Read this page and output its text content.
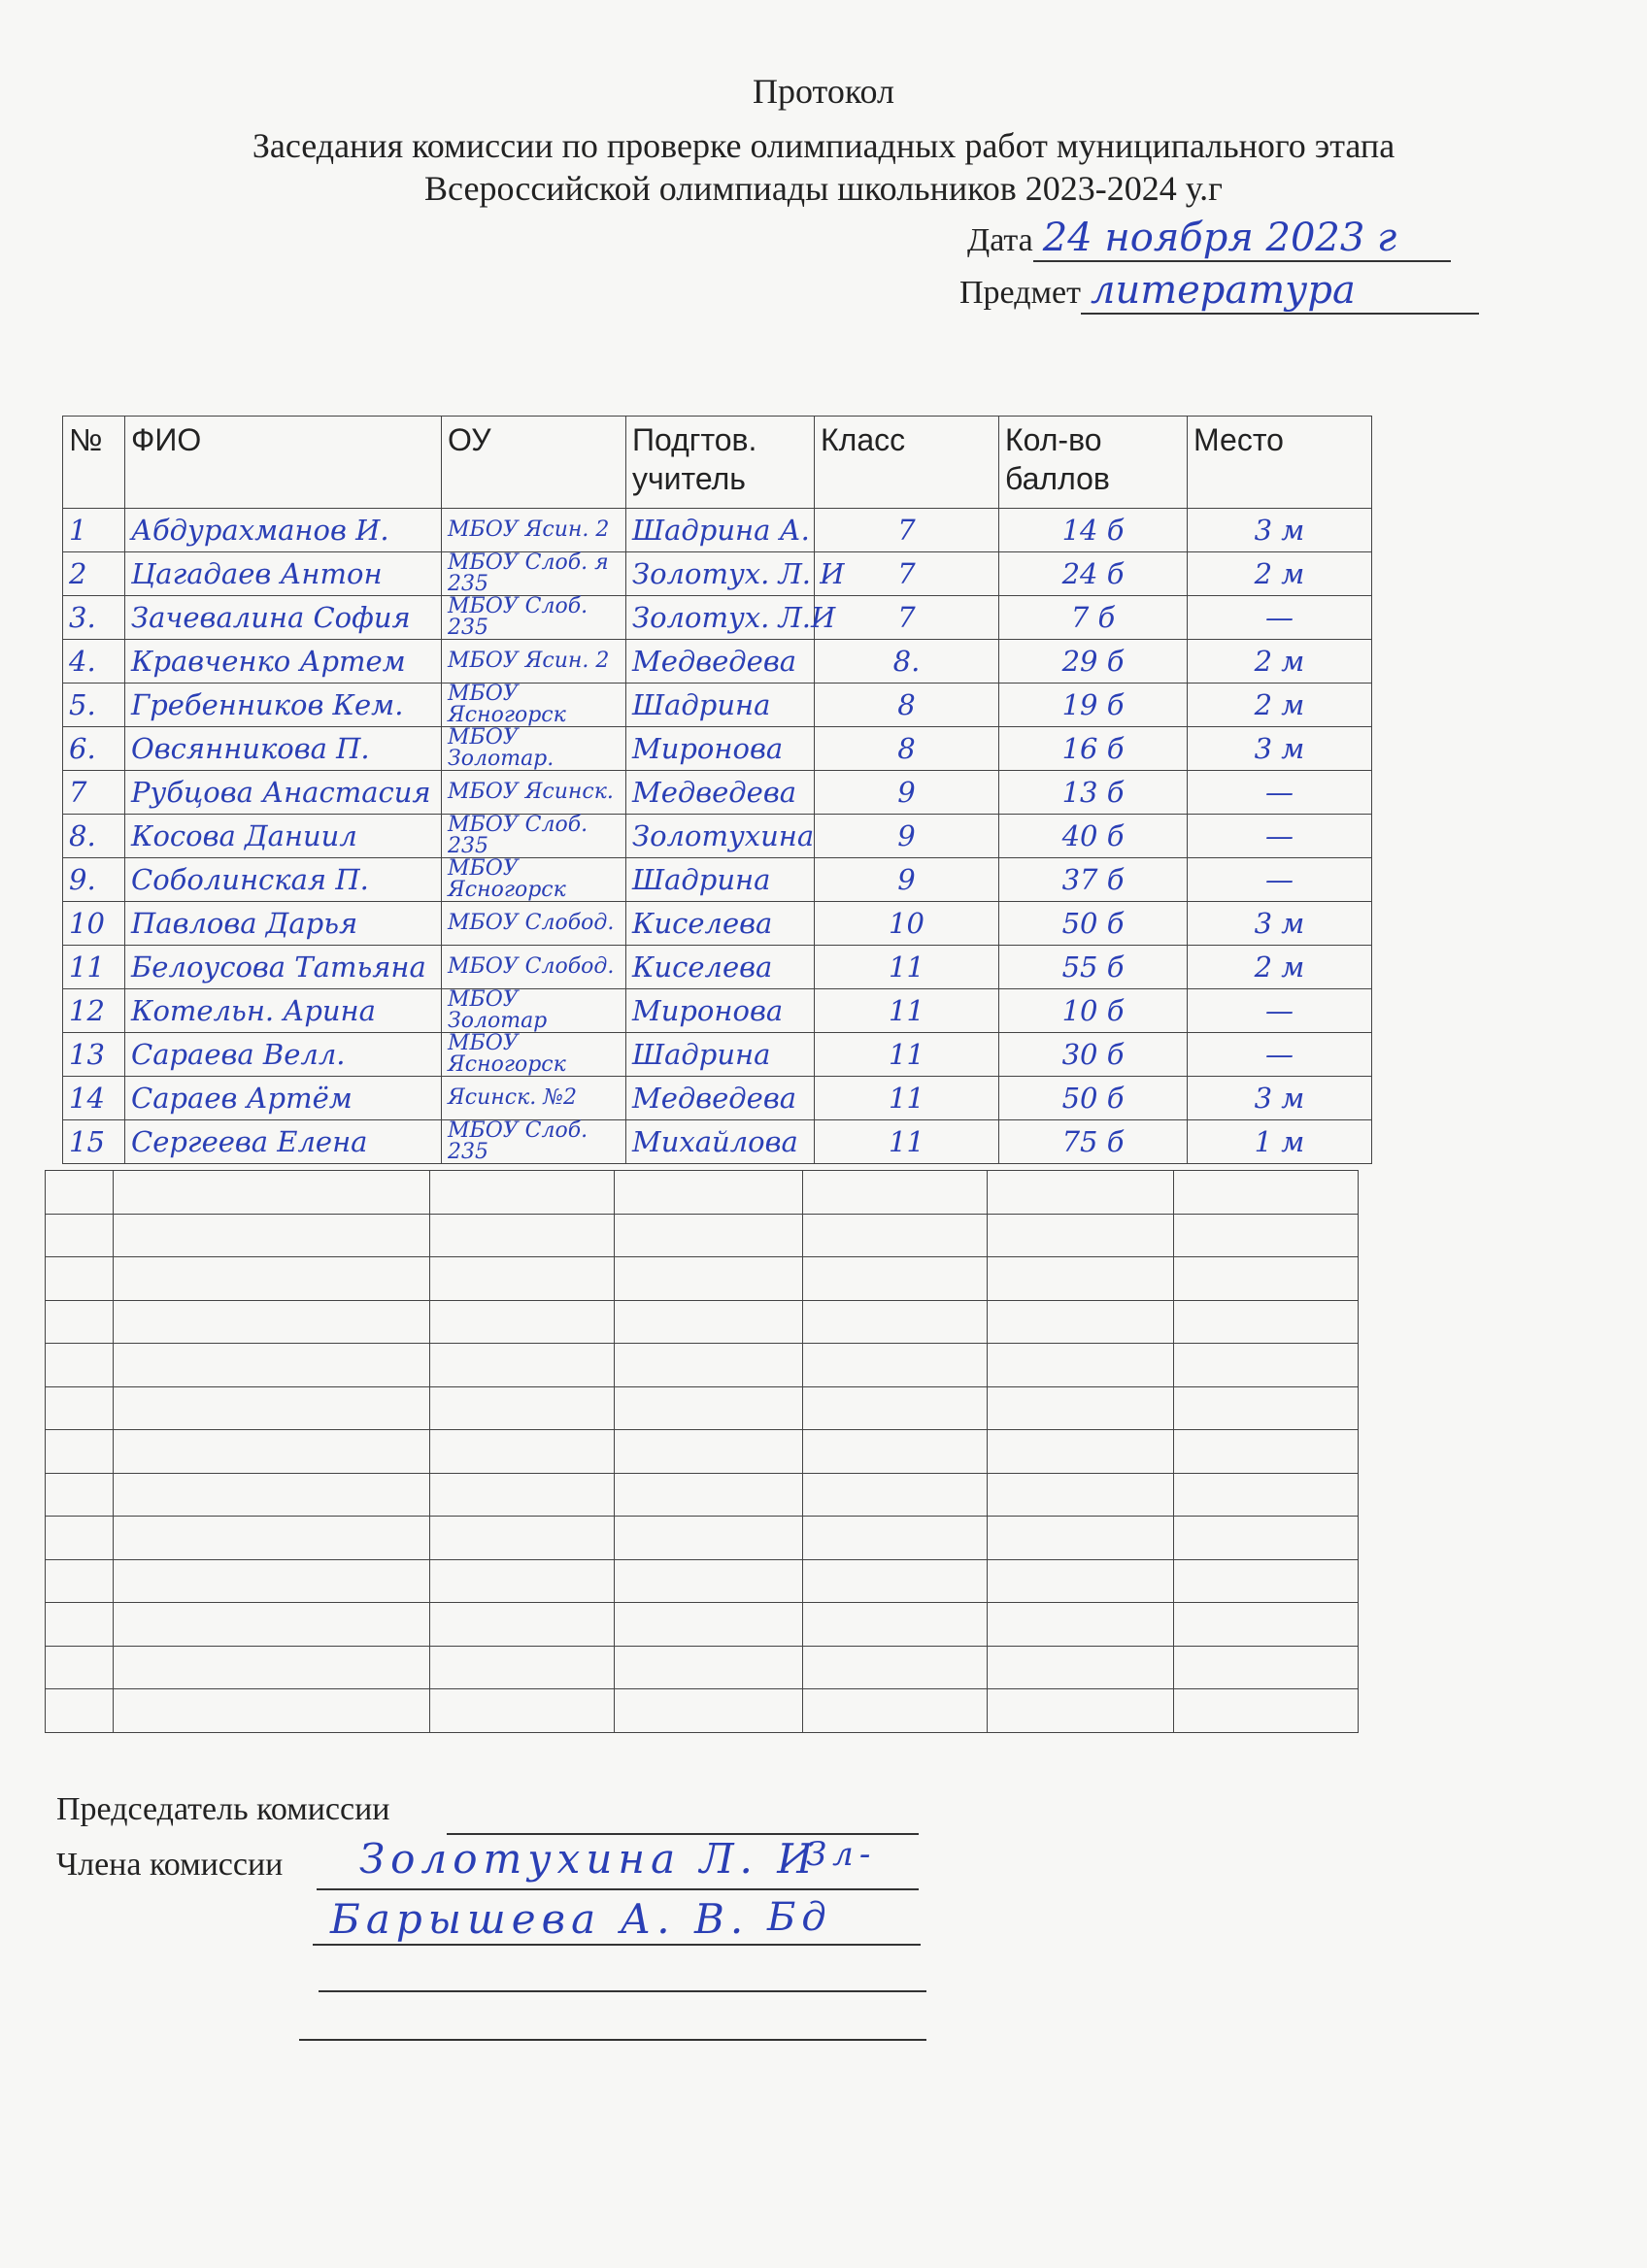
Протокол
Заседания комиссии по проверке олимпиадных работ муниципального этапа
Всероссийской олимпиады школьников 2023-2024 у.г
Дата 24 ноября 2023 г
Предмет литература
№	ФИО	ОУ	Подгтов. учитель	Класс	Кол-во баллов	Место
1	Абдурахманов И.	МБОУ Ясин. 2	Шадрина А.	7	14 б	3 м
2	Цагадаев Антон	МБОУ Слоб. я 235	Золотух. Л. И	7	24 б	2 м
3.	Зачевалина София	МБОУ Слоб. 235	Золотух. Л.И	7	7 б	—
4.	Кравченко Артем	МБОУ Ясин. 2	Медведева	8.	29 б	2 м
5.	Гребенников Кем.	МБОУ Ясногорск	Шадрина	8	19 б	2 м
6.	Овсянникова П.	МБОУ Золотар.	Миронова	8	16 б	3 м
7	Рубцова Анастасия	МБОУ Ясинск.	Медведева	9	13 б	—
8.	Косова Даниил	МБОУ Слоб. 235	Золотухина	9	40 б	—
9.	Соболинская П.	МБОУ Ясногорск	Шадрина	9	37 б	—
10	Павлова Дарья	МБОУ Слобод.	Киселева	10	50 б	3 м
11	Белоусова Татьяна	МБОУ Слобод.	Киселева	11	55 б	2 м
12	Котельн. Арина	МБОУ Золотар	Миронова	11	10 б	—
13	Сараева Велл.	МБОУ Ясногорск	Шадрина	11	30 б	—
14	Сараев Артём	Ясинск. №2	Медведева	11	50 б	3 м
15	Сергеева Елена	МБОУ Слоб. 235	Михайлова	11	75 б	1 м

Председатель комиссии
Члена комиссии Золотухина Л. И
Зл-
Барышева А. В. Бд
